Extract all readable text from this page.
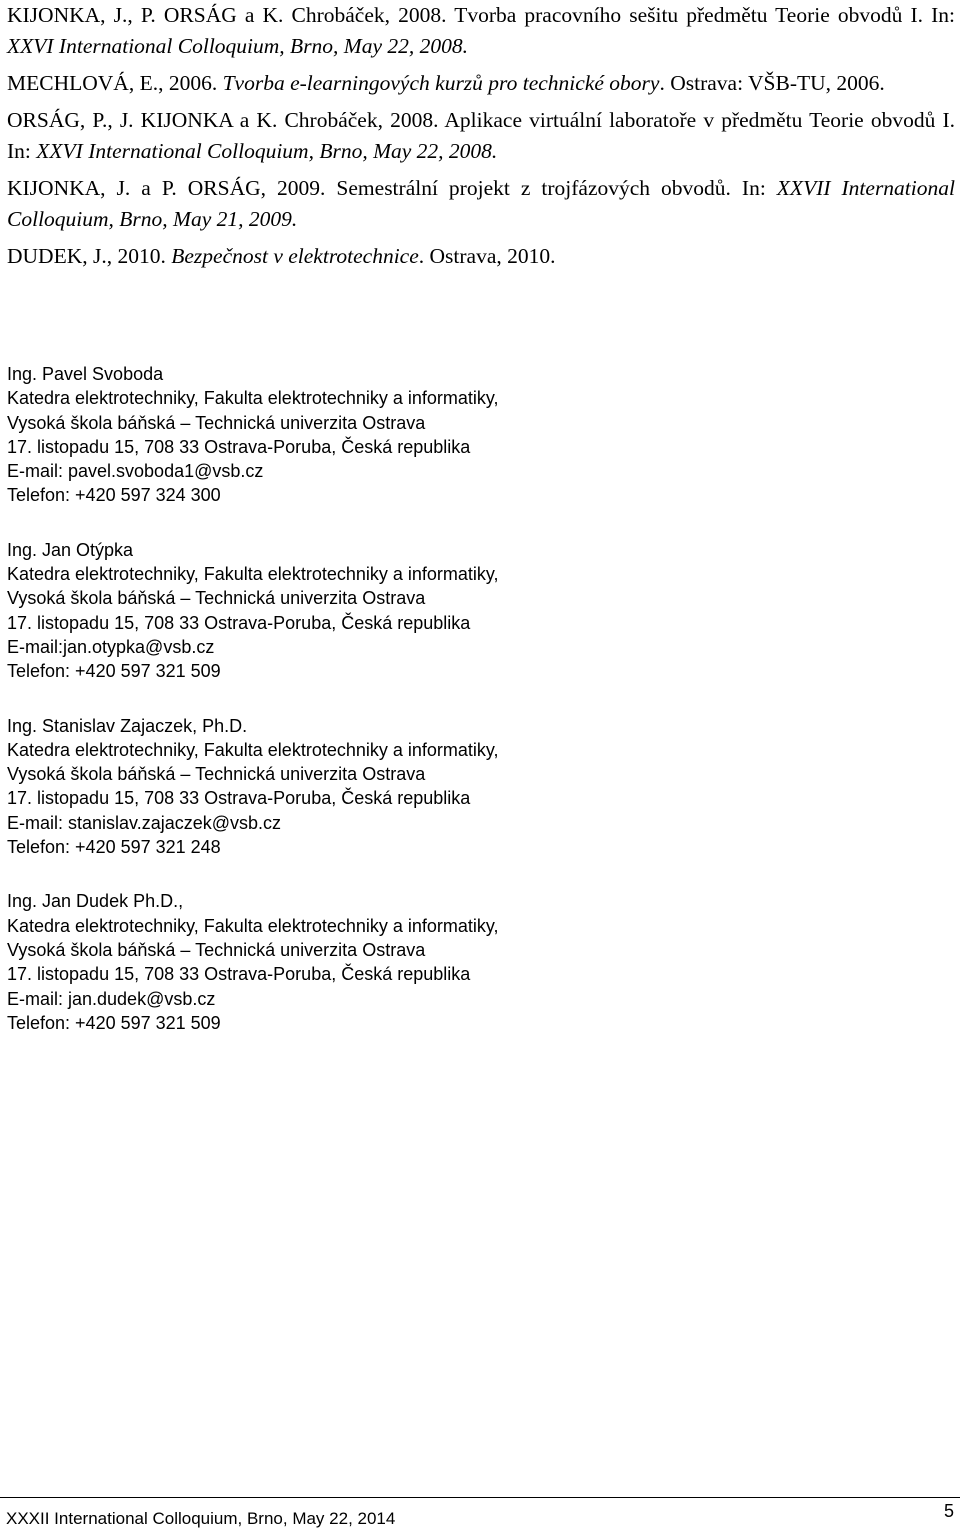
KIJONKA, J., P. ORSÁG a K. Chrobáček, 2008. Tvorba pracovního sešitu předmětu Teorie obvodů I. In: XXVI International Colloquium, Brno, May 22, 2008.
MECHLOVÁ, E., 2006. Tvorba e-learningových kurzů pro technické obory. Ostrava: VŠB-TU, 2006.
ORSÁG, P., J. KIJONKA a K. Chrobáček, 2008. Aplikace virtuální laboratoře v předmětu Teorie obvodů I. In: XXVI International Colloquium, Brno, May 22, 2008.
KIJONKA, J. a P. ORSÁG, 2009. Semestrální projekt z trojfázových obvodů. In: XXVII International Colloquium, Brno, May 21, 2009.
DUDEK, J., 2010. Bezpečnost v elektrotechnice. Ostrava, 2010.
Ing. Pavel Svoboda
Katedra elektrotechniky, Fakulta elektrotechniky a informatiky,
Vysoká škola báňská – Technická univerzita Ostrava
17. listopadu 15, 708 33 Ostrava-Poruba, Česká republika
E-mail: pavel.svoboda1@vsb.cz
Telefon: +420 597 324 300
Ing. Jan Otýpka
Katedra elektrotechniky, Fakulta elektrotechniky a informatiky,
Vysoká škola báňská – Technická univerzita Ostrava
17. listopadu 15, 708 33 Ostrava-Poruba, Česká republika
E-mail:jan.otypka@vsb.cz
Telefon: +420 597 321 509
Ing. Stanislav Zajaczek, Ph.D.
Katedra elektrotechniky, Fakulta elektrotechniky a informatiky,
Vysoká škola báňská – Technická univerzita Ostrava
17. listopadu 15, 708 33 Ostrava-Poruba, Česká republika
E-mail: stanislav.zajaczek@vsb.cz
Telefon: +420 597 321 248
Ing. Jan Dudek Ph.D.,
Katedra elektrotechniky, Fakulta elektrotechniky a informatiky,
Vysoká škola báňská – Technická univerzita Ostrava
17. listopadu 15, 708 33 Ostrava-Poruba, Česká republika
E-mail: jan.dudek@vsb.cz
Telefon: +420 597 321 509
XXXII International Colloquium, Brno, May 22, 2014	5
